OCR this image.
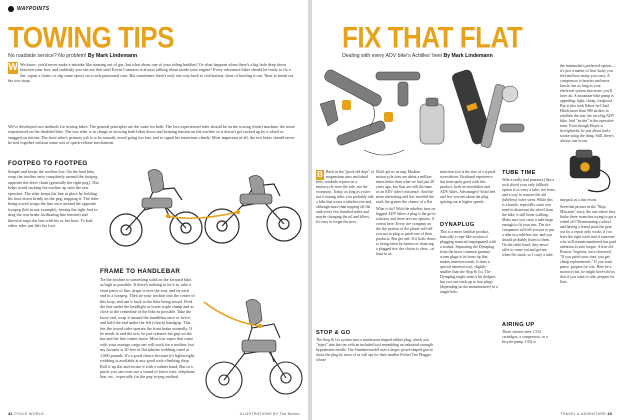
WAYPOINTS
TOWING TIPS
No roadside service? No problem! By Mark Lindemann
W We know: you'd never make a mistake like running out of gas, but what about one of your riding buddies? Or what happens when there's a big hole deep down between your feet, and suddenly you can see that stuff Kevin Cameron is always talking about inside your engine? Every adventure biker should be ready to fix a flat, repair a chain, or slip some epoxy on a rock-punctured case. But sometimes there's only one way back to civilization, short of hoofing it out. Time to break out the tow strap.
We've developed two methods for towing bikes. The general principles are the same for both: The less experienced rider should be on the towing (front) machine, the more experienced on the disabled bike. The tow rider is in charge of slowing both bikes down and keeping tension on the towline so it doesn't get sucked up by a wheel or snagged on terrain. The front rider's primary job is to be smooth, avoid going too fast, and to signal his intentions clearly. Most important of all, the two bikes should never be tied together without some sort of quick-release mechanism.
FOOTPEG TO FOOTPEG
Simple and keeps the towline low. On the lead bike, wrap the towline once completely around the footpeg opposite the drive chain (generally the right peg). This helps avoid sucking the towline up onto the rear sprocket. The rider keeps the line in place by holding his boot down firmly on the peg, trapping it. The rider being towed wraps the line once around the opposite footpeg (left in our example), freeing the right foot to drag the rear brake facilitating line tension) and likewise traps the line with his or her boot. To bail, either rider just lifts his foot.
FRAME TO HANDLEBAR
Tie the towline to something solid on the forward bike, as high as possible. If there's nothing to tie it to, take a short piece of line, drape it over the seat, and tie each end to a footpeg. Then tie your towline into the center of this loop, and run it back to the bike being towed. Feed the line under the headlight or lower triple clamp and as close to the centerline of the bike as possible. Take the loose end, wrap it around the handlebar once or twice, and hold the end under the left (clutch) handgrip. This lets the towed rider operate the front brake normally. If he needs to end the tow, he just releases his grip on the bar and the line comes loose. Most tow ropes that come with your average cargo net will work for a towline, but my favorite is 20 feet of flat tubular webbing rated at 1,000 pounds. It's a good choice because it's lightweight, webbing is available at any good rock-climbing shop. Roll it up flat and secure it with a rubber band. But in a pinch you can even use a strand of fence wire, telephone line, etc., especially for the peg-to-peg method.
42 CYCLE WORLD	ILLUSTRATIONS BY Tim Barker
FIX THAT FLAT
Dealing with every ADV bike's Achilles' heel By Mark Lindemann
B Back in the "good old days" of magnesium rims and tubed tires, roadside repairs on a motorcycle were the rule, not the exception. Today, as long as you're not a touring rider, you probably ride a bike that wears a tubeless tire and, although more than topping off the tank every few hundred miles and maybe changing the oil and filters, it's easy to forget the tires.

Don't get us wrong: Modern motorcycle tires are about a million times better than what we had just 20 years ago, but flats are still the bane of an ADV rider's existence. And the more interesting and less traveled the road, the greater the chance of a flat.

What to do? With the tubeless tires on biggest ADV bikes, a plug is the go-to solution, and there are two options. A caveat here: Every tire company on the dry portion of the planet will tell you not to plug or patch one of their products. But get real: If it boils down to being eaten by hyenas or chancing a plugged tire, the choice is clear—at least to us.

STOP & GO
The Stop & Go system uses a mushroom-shaped rubber plug, which you "inject" into the tire with an included tool resembling an industrial-strength hypodermic needle. The Standard model uses a larger, pistol-shaped gun to shoot the plug in; most of us will opt for their smaller Pocket Tire Plugger whose
insertion tool is the size of a typical screwdriver. Firsthand experience has been quite good with this product, both on streetbikes and ADV bikes. Advantages? Solid feel and few worries about the plug spitting out at higher speeds.
DYNAPLUG
This is a more familiar product, basically a rope-like section of plugging material impregnated with a sealant. Separating the Dynaplug from the more common gummy-worm plugs is its brass tip that makes insertion easier. It does a special insertion tool, slightly smaller than the Stop & Go. The Dynaplug might seem a bit dodgier, but you can stack up to four plugs (depending on the manufacturer) in a single hole.
TUBE TIME
With a really bad puncture (like a rock sliced your only fallback option is to carry a tube, tire irons, and a way to remove the old (tubeless) valve stem. While this is a hassle, especially since you need to dismount the wheel from the bike, it still beats walking. Make sure you carry a tube large enough to fit your rim. The tire companies will tell you not to put a tube in a tubeless tire, and you should probably listen to them. On the other hand, they never offer to come out and get me when I'm stuck, so I carry a tube.
AIRING UP
Three choices here: CO2 cartridges, a compressor, or a bicycle pump. CO2 is
the minimalist's preferred option—it's just a matter of how lucky you feel and how many you carry. A compressor is heavier and more hassle, but as long as your electrical system functions, you'll have air. A mountain-bike pump is appealing: light, cheap, foolproof. But it also took Editor-in-Chief Hawk more than 900 strokes to reinflate the rear tire on a big ADV bike. And "stroke" is the operative term. Even though Hoyer is firefighterfit, he just about had a stroke using the thing. Still, there's always one in our

daypack as a last resort.

Seen that picture in the "Baja Missions" story, the one where they broke three wrenches trying to get a wheel off? Dismounting a wheel and having a friend pack the gear out for a repair only works if you have the right tools and if someone who will remain numbered has paid attention to axle torque. A true old Boston, Vegetius, once observed, "If you patch your tires, you get cheap replacements." If you want peace, prepare for war. Here be a motorcyclist, he might have told us that if you want to ride, prepare for flats.

TRAVEL & ADVENTURE 43
